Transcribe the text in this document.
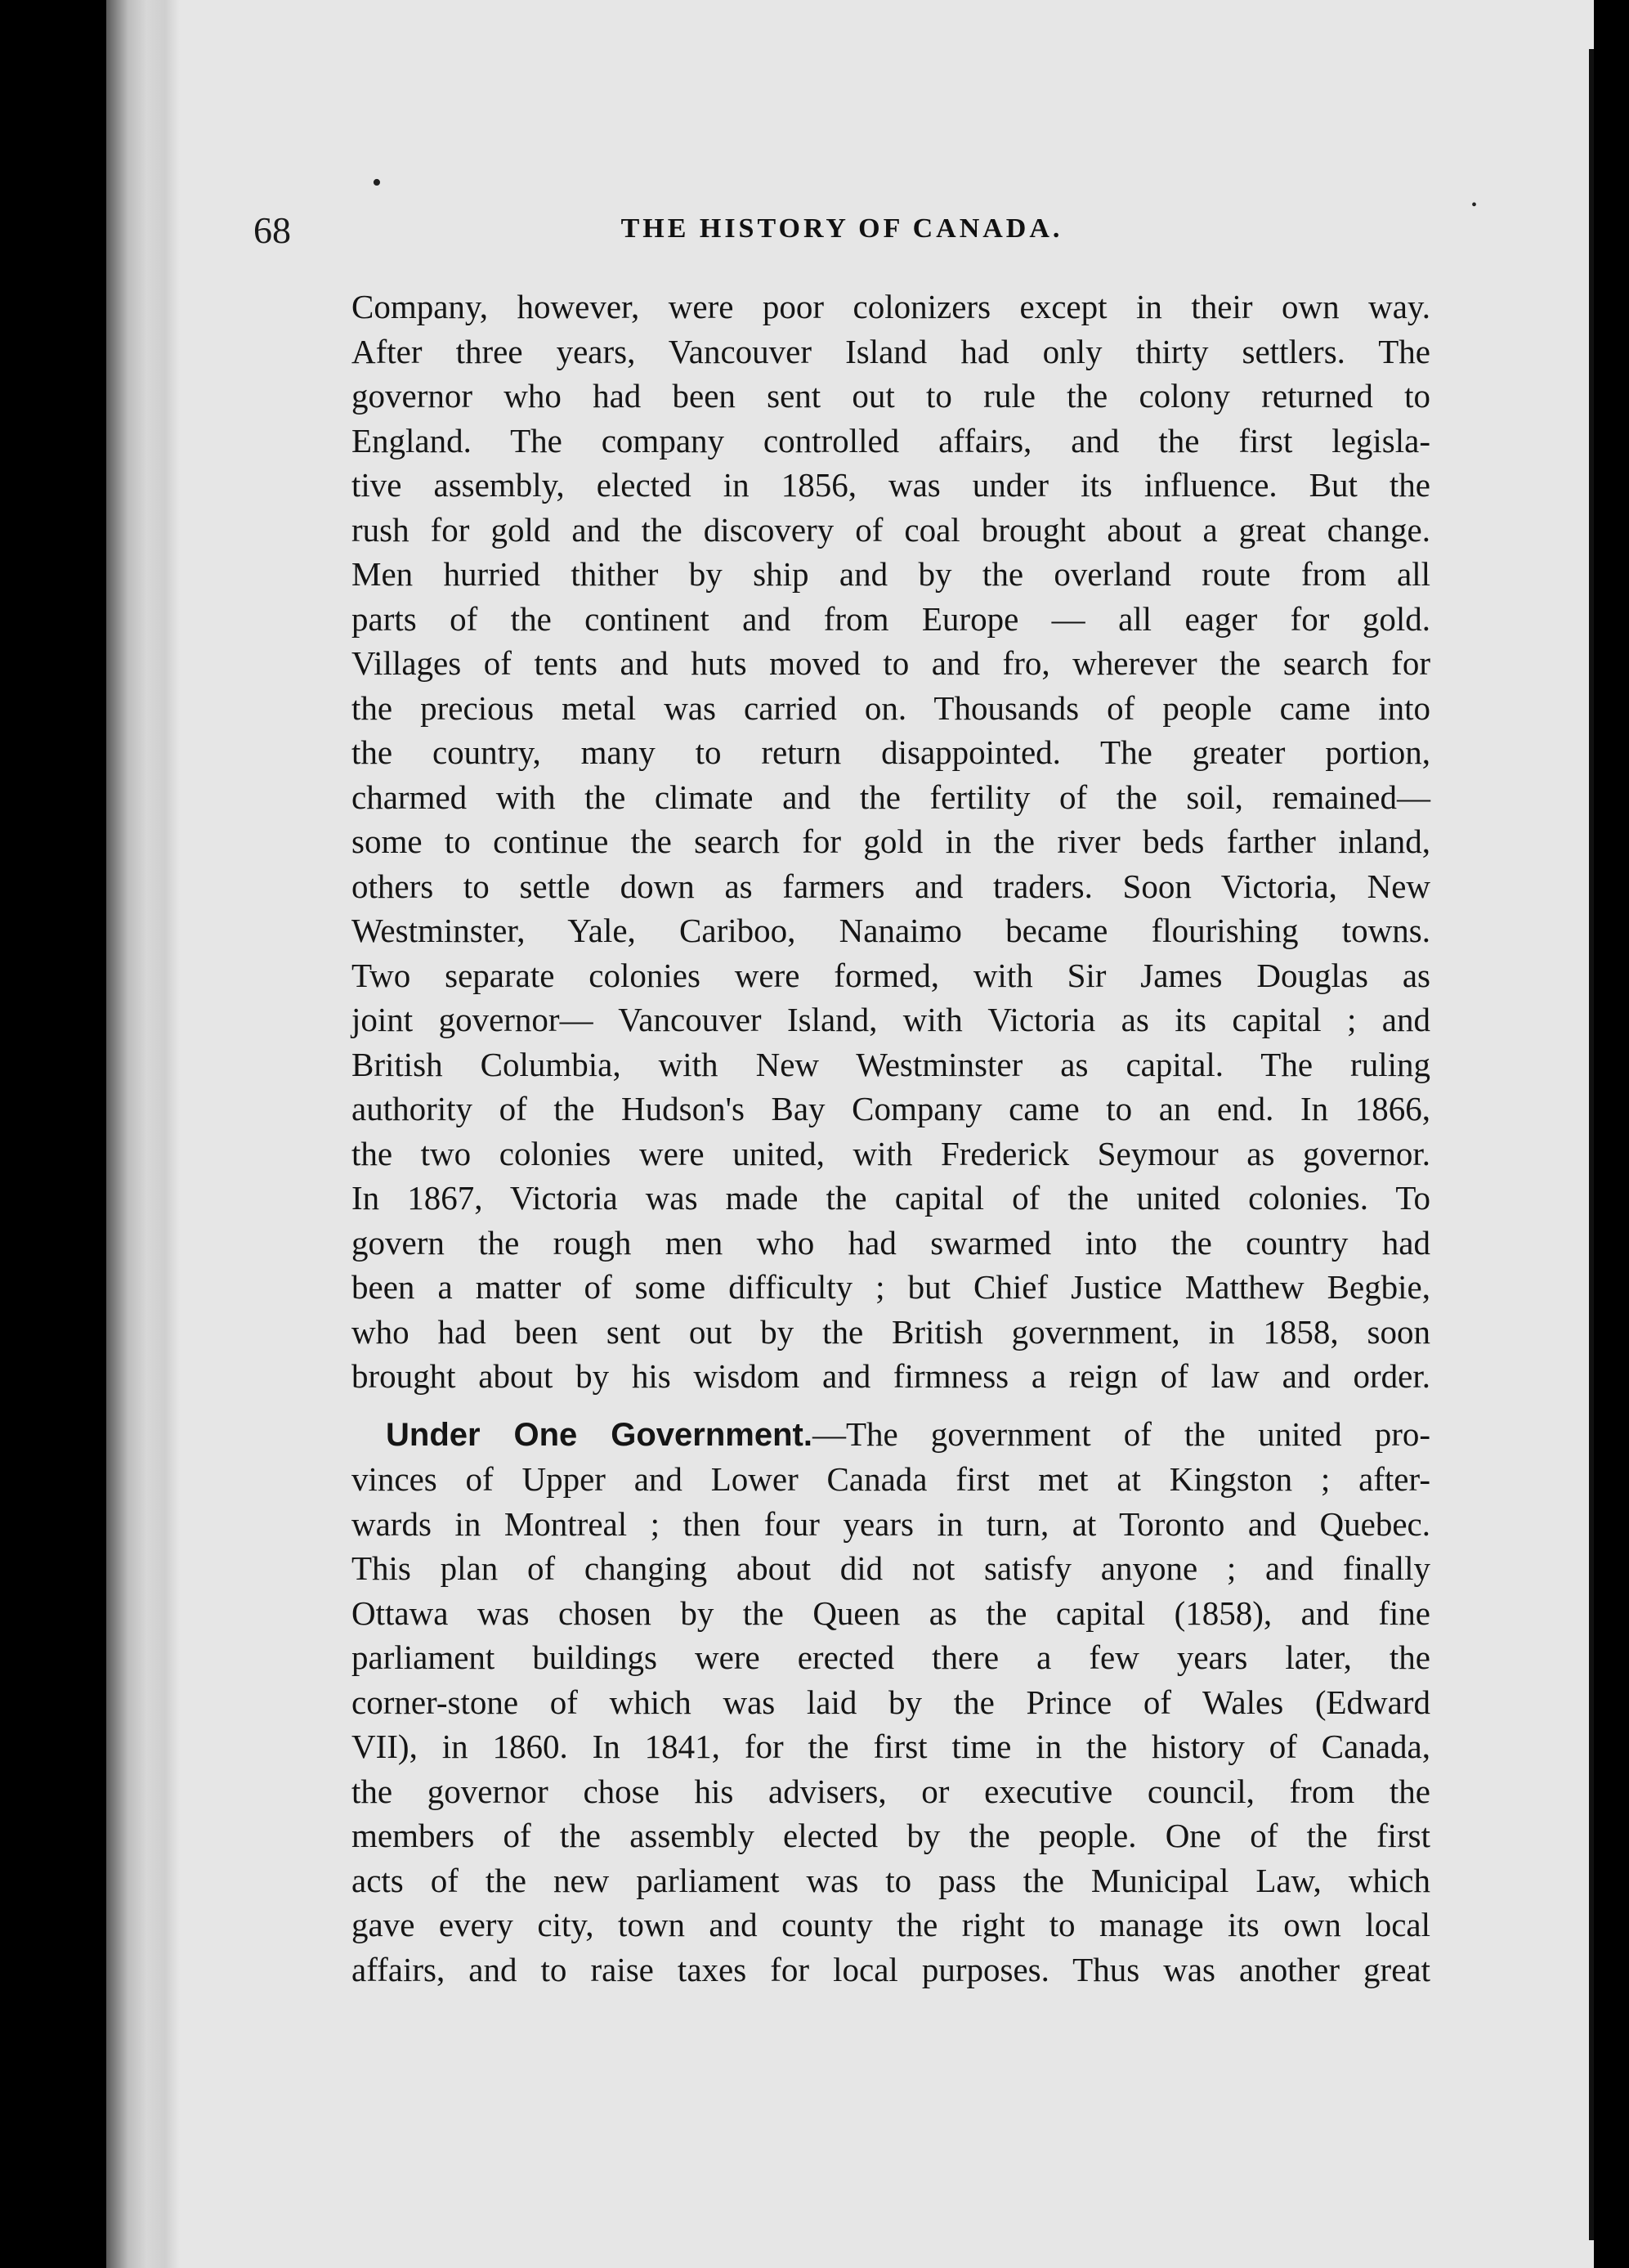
•
•
68	THE HISTORY OF CANADA.
Company, however, were poor colonizers except in their own way.
After three years, Vancouver Island had only thirty settlers. The
governor who had been sent out to rule the colony returned to
England. The company controlled affairs, and the first legisla-
tive assembly, elected in 1856, was under its influence. But the
rush for gold and the discovery of coal brought about a great change.
Men hurried thither by ship and by the overland route from all
parts of the continent and from Europe — all eager for gold.
Villages of tents and huts moved to and fro, wherever the search for
the precious metal was carried on. Thousands of people came into
the country, many to return disappointed. The greater portion,
charmed with the climate and the fertility of the soil, remained—
some to continue the search for gold in the river beds farther inland,
others to settle down as farmers and traders. Soon Victoria, New
Westminster, Yale, Cariboo, Nanaimo became flourishing towns.
Two separate colonies were formed, with Sir James Douglas as
joint governor— Vancouver Island, with Victoria as its capital ; and
British Columbia, with New Westminster as capital. The ruling
authority of the Hudson's Bay Company came to an end. In 1866,
the two colonies were united, with Frederick Seymour as governor.
In 1867, Victoria was made the capital of the united colonies. To
govern the rough men who had swarmed into the country had
been a matter of some difficulty ; but Chief Justice Matthew Begbie,
who had been sent out by the British government, in 1858, soon
brought about by his wisdom and firmness a reign of law and order.
Under One Government.—The government of the united pro-
vinces of Upper and Lower Canada first met at Kingston ; after-
wards in Montreal ; then four years in turn, at Toronto and Quebec.
This plan of changing about did not satisfy anyone ; and finally
Ottawa was chosen by the Queen as the capital (1858), and fine
parliament buildings were erected there a few years later, the
corner-stone of which was laid by the Prince of Wales (Edward
VII), in 1860. In 1841, for the first time in the history of Canada,
the governor chose his advisers, or executive council, from the
members of the assembly elected by the people. One of the first
acts of the new parliament was to pass the Municipal Law, which
gave every city, town and county the right to manage its own local
affairs, and to raise taxes for local purposes. Thus was another great
